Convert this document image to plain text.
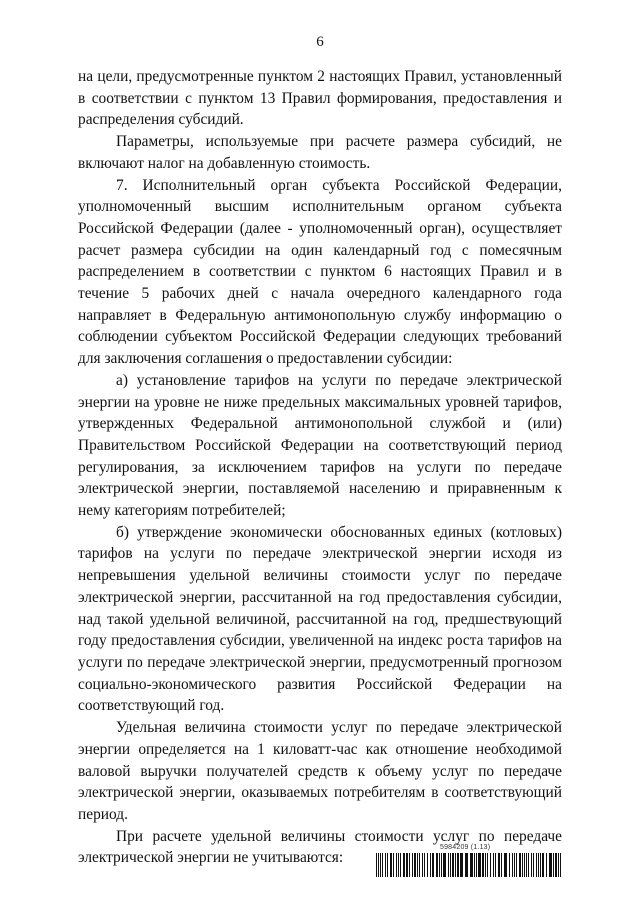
6

на цели, предусмотренные пунктом 2 настоящих Правил, установленный в соответствии с пунктом 13 Правил формирования, предоставления и распределения субсидий.

Параметры, используемые при расчете размера субсидий, не включают налог на добавленную стоимость.

7. Исполнительный орган субъекта Российской Федерации, уполномоченный высшим исполнительным органом субъекта Российской Федерации (далее - уполномоченный орган), осуществляет расчет размера субсидии на один календарный год с помесячным распределением в соответствии с пунктом 6 настоящих Правил и в течение 5 рабочих дней с начала очередного календарного года направляет в Федеральную антимонопольную службу информацию о соблюдении субъектом Российской Федерации следующих требований для заключения соглашения о предоставлении субсидии:

а) установление тарифов на услуги по передаче электрической энергии на уровне не ниже предельных максимальных уровней тарифов, утвержденных Федеральной антимонопольной службой и (или) Правительством Российской Федерации на соответствующий период регулирования, за исключением тарифов на услуги по передаче электрической энергии, поставляемой населению и приравненным к нему категориям потребителей;

б) утверждение экономически обоснованных единых (котловых) тарифов на услуги по передаче электрической энергии исходя из непревышения удельной величины стоимости услуг по передаче электрической энергии, рассчитанной на год предоставления субсидии, над такой удельной величиной, рассчитанной на год, предшествующий году предоставления субсидии, увеличенной на индекс роста тарифов на услуги по передаче электрической энергии, предусмотренный прогнозом социально-экономического развития Российской Федерации на соответствующий год.

Удельная величина стоимости услуг по передаче электрической энергии определяется на 1 киловатт-час как отношение необходимой валовой выручки получателей средств к объему услуг по передаче электрической энергии, оказываемых потребителям в соответствующий период.

При расчете удельной величины стоимости услуг по передаче электрической энергии не учитываются:

5984209 (1.13)
